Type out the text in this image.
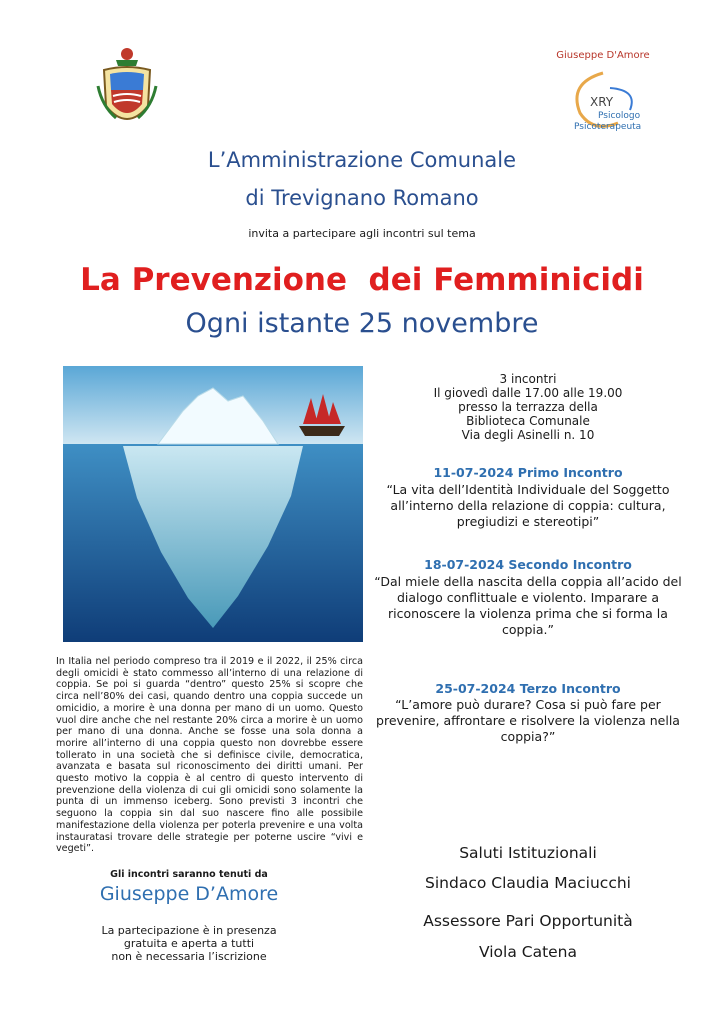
Giuseppe D'Amore
XRY
Psicologo
Psicoterapeuta
L’Amministrazione Comunale
di Trevignano Romano
invita a partecipare agli incontri sul tema
La Prevenzione  dei Femminicidi
Ogni istante 25 novembre
3 incontri
Il giovedì dalle 17.00 alle 19.00
presso la terrazza della
Biblioteca Comunale
Via degli Asinelli n. 10
11-07-2024 Primo Incontro
“La vita dell’Identità Individuale del Soggetto all’interno della relazione di coppia: cultura, pregiudizi e stereotipi”
18-07-2024 Secondo Incontro
“Dal miele della nascita della coppia all’acido del dialogo conflittuale e violento. Imparare a riconoscere la violenza prima che si forma la coppia.”
25-07-2024 Terzo Incontro
“L’amore può durare? Cosa si può fare per prevenire, affrontare e risolvere la violenza nella coppia?”
In Italia nel periodo compreso tra il 2019 e il 2022, il 25% circa degli omicidi è stato commesso all’interno di una relazione di coppia. Se poi si guarda “dentro” questo 25% si scopre che circa nell’80% dei casi, quando dentro una coppia succede un omicidio, a morire è una donna per mano di un uomo. Questo vuol dire anche che nel restante 20% circa a morire è un uomo per mano di una donna. Anche se fosse una sola donna a morire all’interno di una coppia questo non dovrebbe essere tollerato in una società che si definisce civile, democratica, avanzata e basata sul riconoscimento dei diritti umani. Per questo motivo la coppia è al centro di questo intervento di prevenzione della violenza di cui gli omicidi sono solamente la punta di un immenso iceberg. Sono previsti 3 incontri che seguono la coppia sin dal suo nascere fino alle possibile manifestazione della violenza per poterla prevenire e una volta instauratasi trovare delle strategie per poterne uscire “vivi e vegeti”.
Gli incontri saranno tenuti da
Giuseppe D’Amore
La partecipazione è in presenza
gratuita e aperta a tutti
non è necessaria l’iscrizione
Saluti Istituzionali
Sindaco Claudia Maciucchi
Assessore Pari Opportunità
Viola Catena
